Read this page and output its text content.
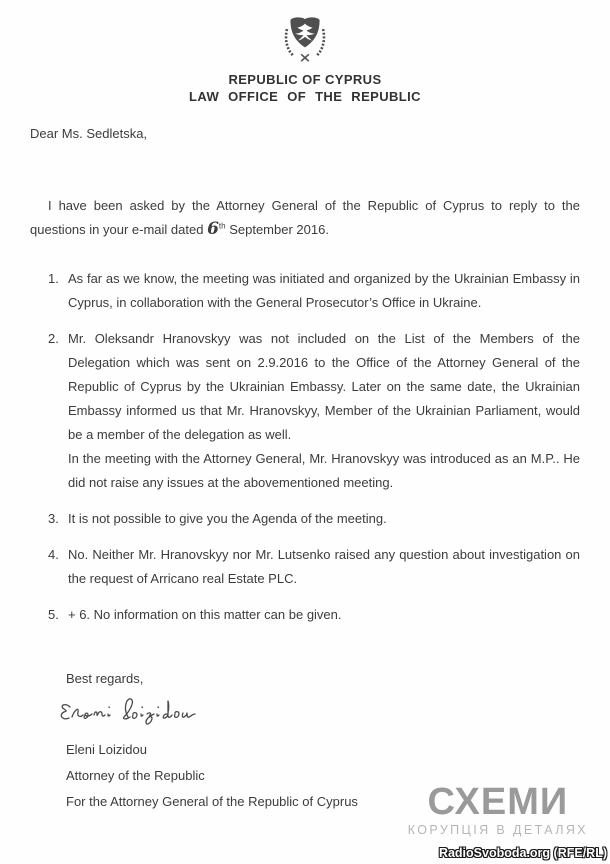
REPUBLIC OF CYPRUS
LAW OFFICE OF THE REPUBLIC
Dear Ms. Sedletska,

I have been asked by the Attorney General of the Republic of Cyprus to reply to the questions in your e-mail dated 6th September 2016.

1. As far as we know, the meeting was initiated and organized by the Ukrainian Embassy in Cyprus, in collaboration with the General Prosecutor’s Office in Ukraine.
2. Mr. Oleksandr Hranovskyy was not included on the List of the Members of the Delegation which was sent on 2.9.2016 to the Office of the Attorney General of the Republic of Cyprus by the Ukrainian Embassy. Later on the same date, the Ukrainian Embassy informed us that Mr. Hranovskyy, Member of the Ukrainian Parliament, would be a member of the delegation as well.
In the meeting with the Attorney General, Mr. Hranovskyy was introduced as an M.P.. He did not raise any issues at the abovementioned meeting.
3. It is not possible to give you the Agenda of the meeting.
4. No. Neither Mr. Hranovskyy nor Mr. Lutsenko raised any question about investigation on the request of Arricano real Estate PLC.
5. + 6. No information on this matter can be given.
Best regards,
Eleni Loizidou
Attorney of the Republic
For the Attorney General of the Republic of Cyprus	СХЕМИ
КОРУПЦІЯ В ДЕТАЛЯХ
RadioSvoboda.org (RFE/RL)
